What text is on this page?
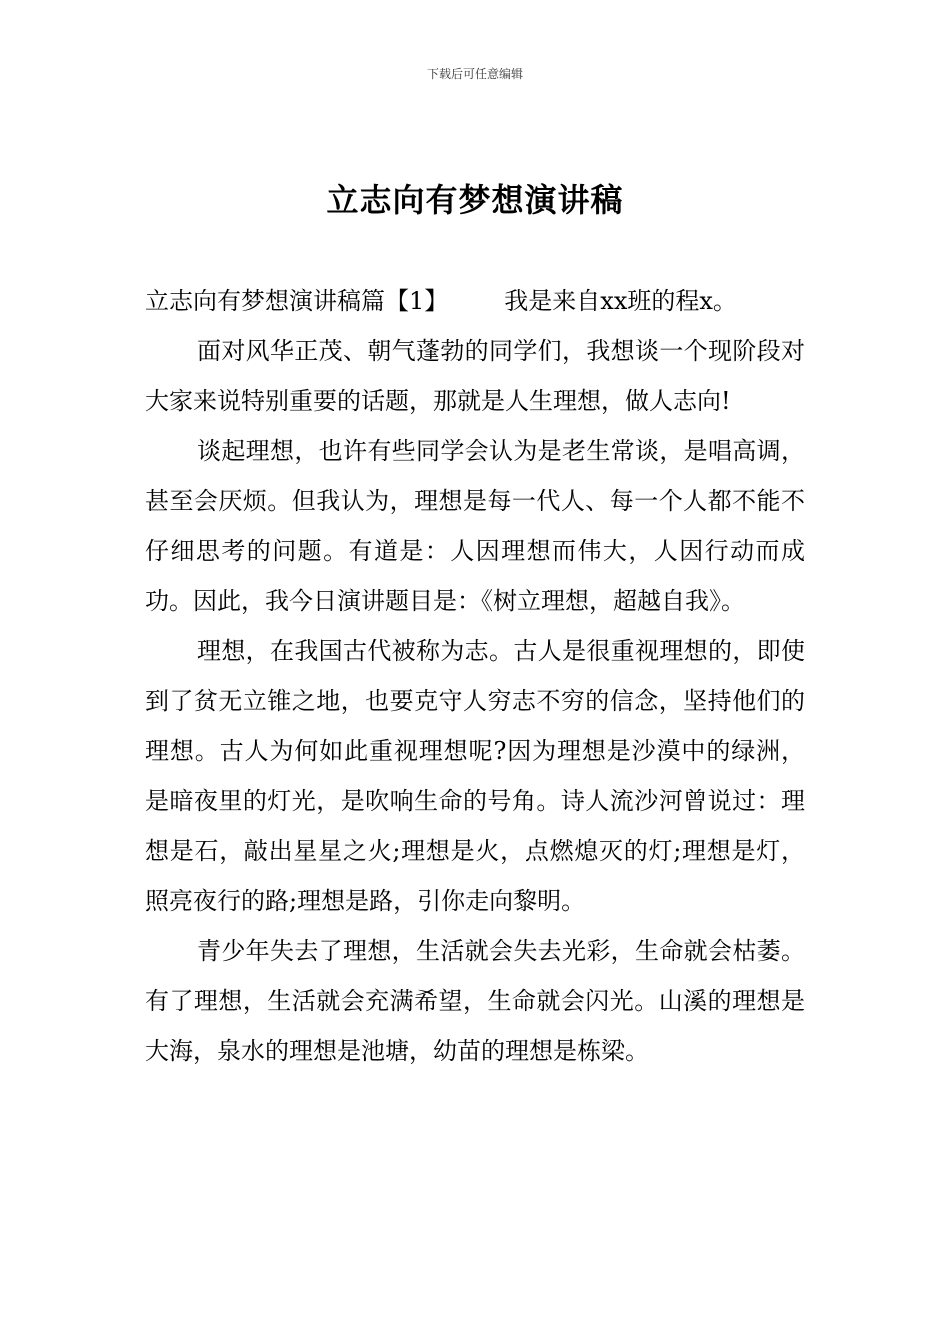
下载后可任意编辑
立志向有梦想演讲稿

立志向有梦想演讲稿篇【1】 我是来自xx班的程x。

面对风华正茂、朝气蓬勃的同学们，我想谈一个现阶段对大家来说特别重要的话题，那就是人生理想，做人志向!

谈起理想，也许有些同学会认为是老生常谈，是唱高调，甚至会厌烦。但我认为，理想是每一代人、每一个人都不能不仔细思考的问题。有道是：人因理想而伟大，人因行动而成功。因此，我今日演讲题目是：《树立理想，超越自我》。

理想，在我国古代被称为志。古人是很重视理想的，即使到了贫无立锥之地，也要克守人穷志不穷的信念，坚持他们的理想。古人为何如此重视理想呢?因为理想是沙漠中的绿洲，是暗夜里的灯光，是吹响生命的号角。诗人流沙河曾说过：理想是石，敲出星星之火;理想是火，点燃熄灭的灯;理想是灯，照亮夜行的路;理想是路，引你走向黎明。

青少年失去了理想，生活就会失去光彩，生命就会枯萎。有了理想，生活就会充满希望，生命就会闪光。山溪的理想是大海，泉水的理想是池塘，幼苗的理想是栋梁。
